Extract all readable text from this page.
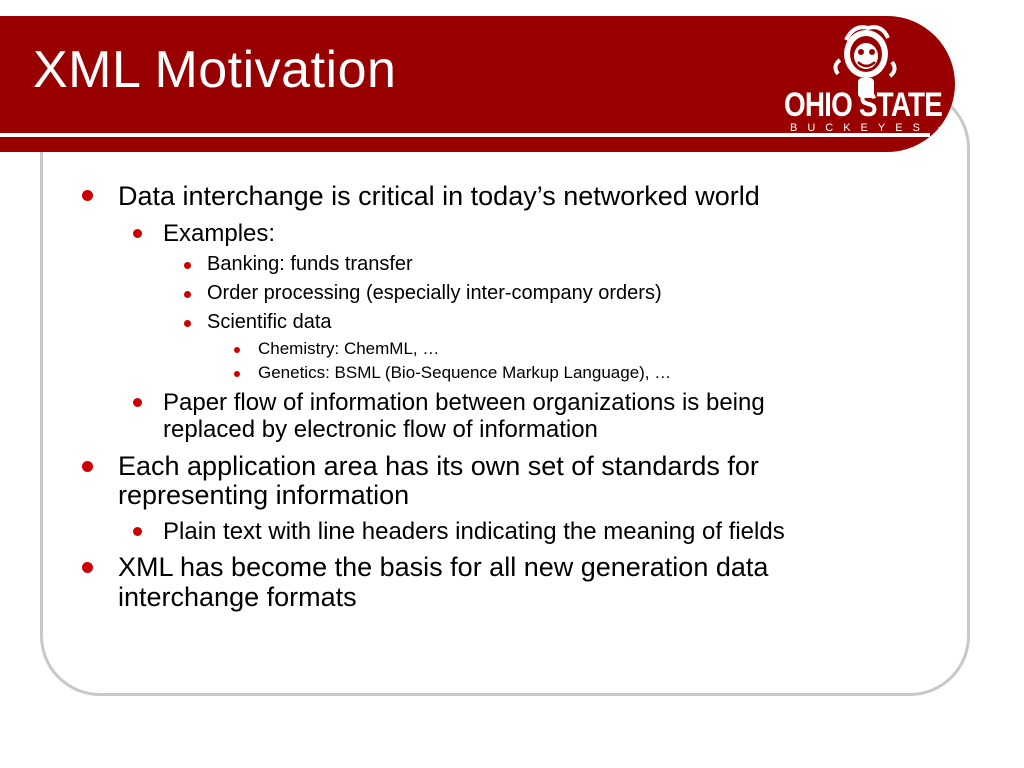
XML Motivation
OHIO STATE
BUCKEYES TM
Data interchange is critical in today’s networked world
Examples:
Banking: funds transfer
Order processing (especially inter-company orders)
Scientific data
Chemistry: ChemML, …
Genetics: BSML (Bio-Sequence Markup Language), …
Paper flow of information between organizations is being
replaced by electronic flow of information
Each application area has its own set of standards for
representing information
Plain text with line headers indicating the meaning of fields
XML has become the basis for all new generation data
interchange formats
